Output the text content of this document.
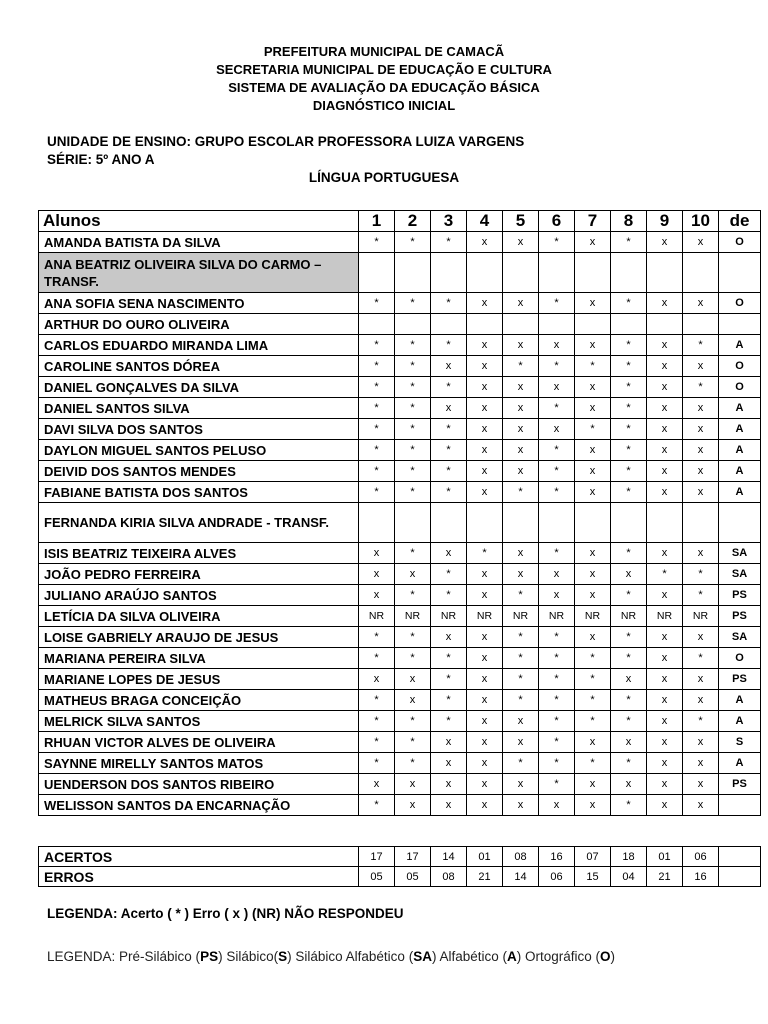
PREFEITURA MUNICIPAL DE CAMACÃ
SECRETARIA MUNICIPAL DE EDUCAÇÃO E CULTURA
SISTEMA DE AVALIAÇÃO DA EDUCAÇÃO BÁSICA
DIAGNÓSTICO INICIAL
UNIDADE DE ENSINO: GRUPO ESCOLAR PROFESSORA LUIZA VARGENS
SÉRIE: 5º ANO A
LÍNGUA PORTUGUESA
Alunos	1	2	3	4	5	6	7	8	9	10	de
AMANDA BATISTA DA SILVA	*	*	*	x	x	*	x	*	x	x	O
ANA BEATRIZ OLIVEIRA SILVA DO CARMO – TRANSF.											
ANA SOFIA SENA NASCIMENTO	*	*	*	x	x	*	x	*	x	x	O
ARTHUR DO OURO OLIVEIRA											
CARLOS EDUARDO MIRANDA LIMA	*	*	*	x	x	x	x	*	x	*	A
CAROLINE SANTOS DÓREA	*	*	x	x	*	*	*	*	x	x	O
DANIEL GONÇALVES DA SILVA	*	*	*	x	x	x	x	*	x	*	O
DANIEL SANTOS SILVA	*	*	x	x	x	*	x	*	x	x	A
DAVI SILVA DOS SANTOS	*	*	*	x	x	x	*	*	x	x	A
DAYLON MIGUEL SANTOS PELUSO	*	*	*	x	x	*	x	*	x	x	A
DEIVID DOS SANTOS MENDES	*	*	*	x	x	*	x	*	x	x	A
FABIANE BATISTA DOS SANTOS	*	*	*	x	*	*	x	*	x	x	A
FERNANDA KIRIA SILVA ANDRADE - TRANSF.											
ISIS BEATRIZ TEIXEIRA ALVES	x	*	x	*	x	*	x	*	x	x	SA
JOÃO PEDRO FERREIRA	x	x	*	x	x	x	x	x	*	*	SA
JULIANO ARAÚJO SANTOS	x	*	*	x	*	x	x	*	x	*	PS
LETÍCIA DA SILVA OLIVEIRA	NR	NR	NR	NR	NR	NR	NR	NR	NR	NR	PS
LOISE GABRIELY ARAUJO DE JESUS	*	*	x	x	*	*	x	*	x	x	SA
MARIANA PEREIRA SILVA	*	*	*	x	*	*	*	*	x	*	O
MARIANE LOPES DE JESUS	x	x	*	x	*	*	*	x	x	x	PS
MATHEUS BRAGA CONCEIÇÃO	*	x	*	x	*	*	*	*	x	x	A
MELRICK SILVA SANTOS	*	*	*	x	x	*	*	*	x	*	A
RHUAN VICTOR ALVES DE OLIVEIRA	*	*	x	x	x	*	x	x	x	x	S
SAYNNE MIRELLY SANTOS MATOS	*	*	x	x	*	*	*	*	x	x	A
UENDERSON DOS SANTOS RIBEIRO	x	x	x	x	x	*	x	x	x	x	PS
WELISSON SANTOS DA ENCARNAÇÃO	*	x	x	x	x	x	x	*	x	x	
ACERTOS	17	17	14	01	08	16	07	18	01	06	
ERROS	05	05	08	21	14	06	15	04	21	16	
LEGENDA: Acerto ( * ) Erro ( x ) (NR) NÃO RESPONDEU
LEGENDA: Pré-Silábico (PS) Silábico(S) Silábico Alfabético (SA) Alfabético (A) Ortográfico (O)
